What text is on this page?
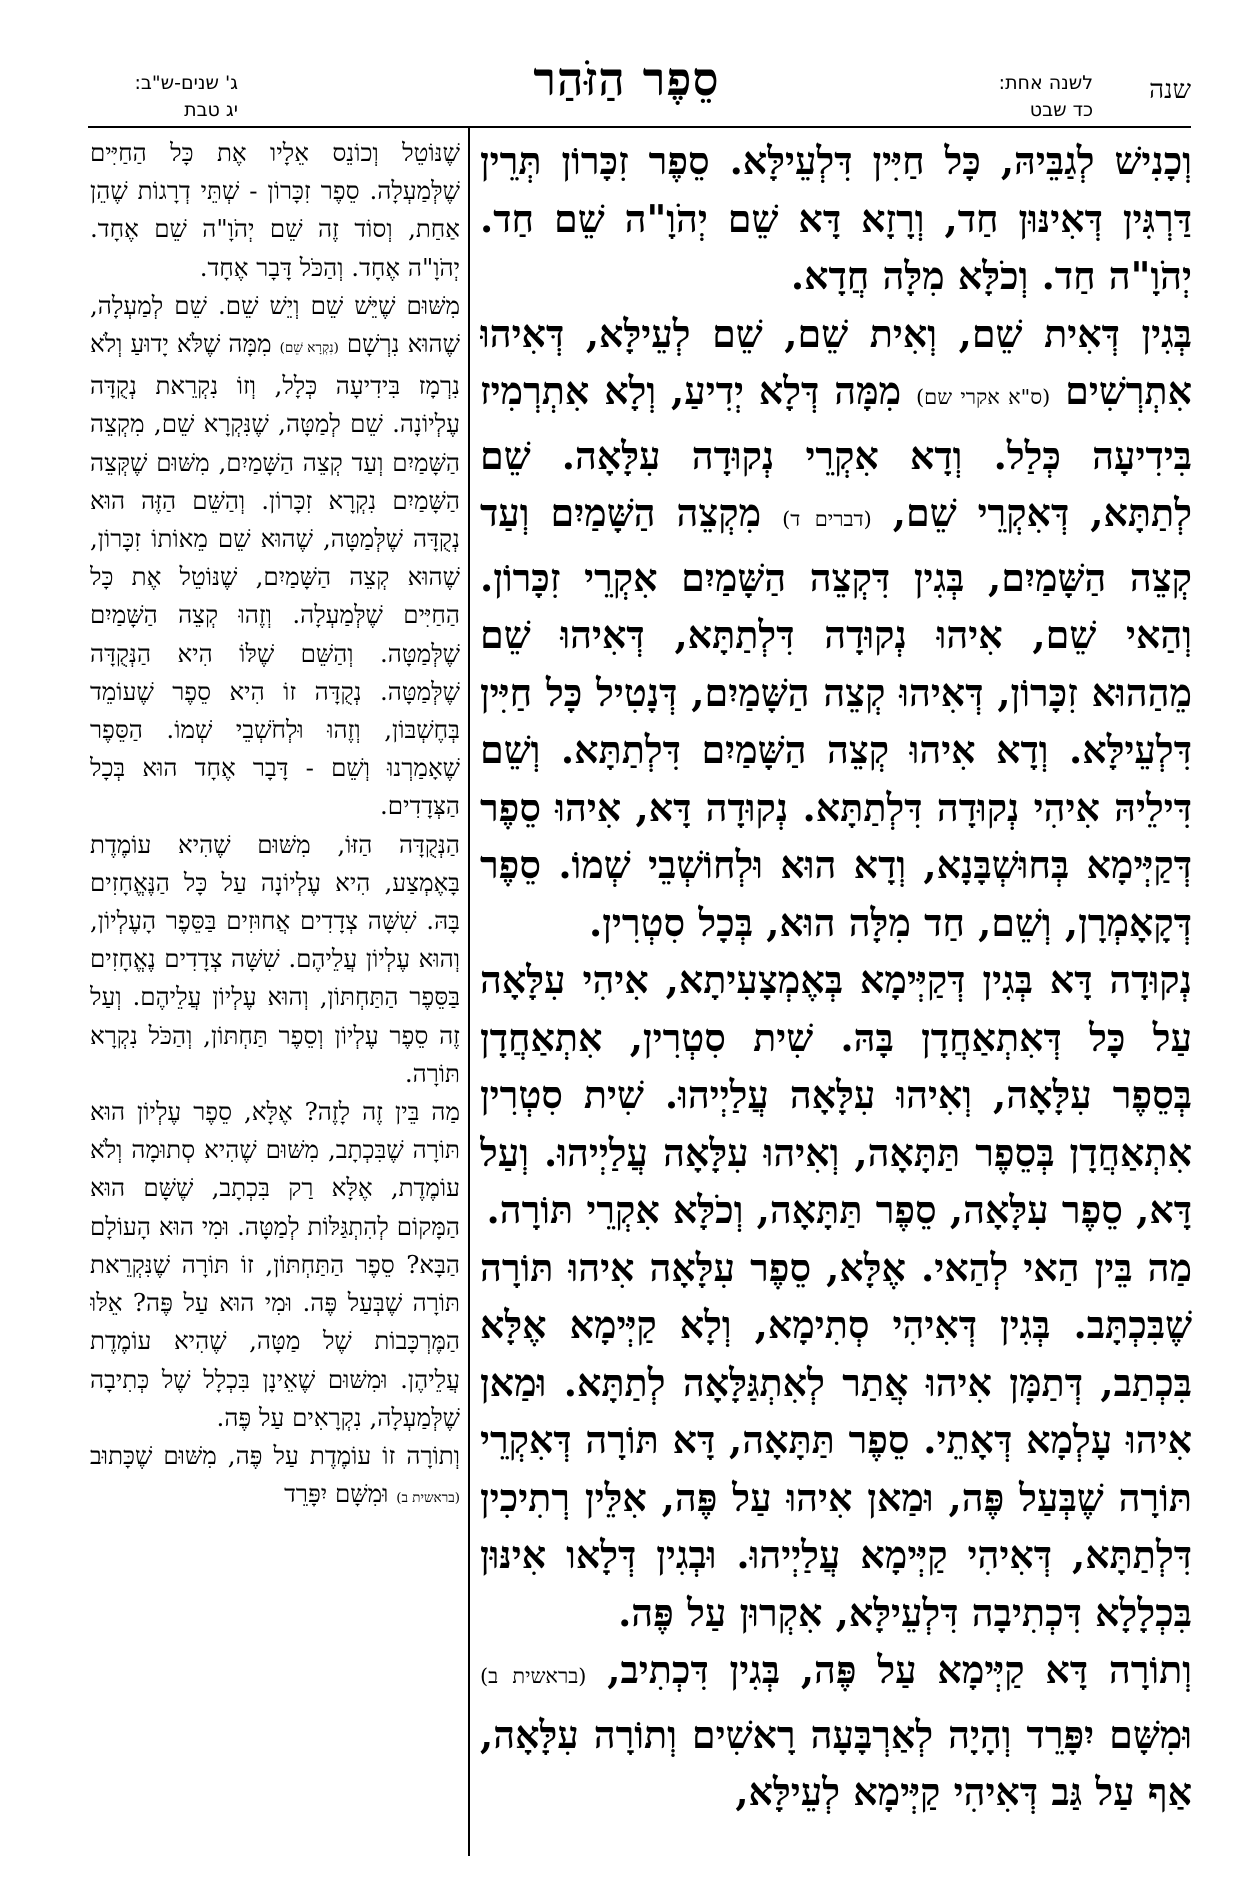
שנה
לשנה אחת:
כד שבט
סֵפֶר הַזֹּהַר
ג' שנים-ש"ב:
יג טבת

וְכָנִישׁ לְגַבֵּיהּ, כָּל חַיִּין דִּלְעֵילָּא. סֵפֶר זִכָּרוֹן תְּרֵין דַּרְגִּין דְּאִינּוּן חַד, וְרָזָא דָּא שֵׁם יְהֹוָ"ה שֵׁם חַד. יְהֹוָ"ה חַד. וְכֹלָּא מִלָּה חֲדָא.

בְּגִין דְּאִית שֵׁם, וְאִית שֵׁם, שֵׁם לְעֵילָּא, דְּאִיהוּ אִתְרְשִׁים (ס"א אקרי שם) מִמָּה דְּלָא יְדִיעַ, וְלָא אִתְרְמִיז בִּידִיעָה כְּלַל. וְדָא אִקְרֵי נְקוּדָה עִלָּאָה. שֵׁם לְתַתָּא, דְּאִקְרֵי שֵׁם, (דברים ד) מִקְצֵה הַשָּׁמַיִם וְעַד קְצֵה הַשָּׁמַיִם, בְּגִין דִּקְצֵה הַשָּׁמַיִם אִקְרֵי זִכָּרוֹן. וְהַאי שֵׁם, אִיהוּ נְקוּדָה דִּלְתַתָּא, דְּאִיהוּ שֵׁם מֵהַהוּא זִכָּרוֹן, דְּאִיהוּ קְצֵה הַשָּׁמַיִם, דְּנָטִיל כָּל חַיִּין דִּלְעֵילָּא. וְדָא אִיהוּ קְצֵה הַשָּׁמַיִם דִּלְתַתָּא. וְשֵׁם דִּילֵיהּ אִיהִי נְקוּדָה דִּלְתַתָּא. נְקוּדָה דָּא, אִיהוּ סֵפֶר דְּקַיְּימָא בְּחוּשְׁבָּנָא, וְדָא הוּא וּלְחוֹשְׁבֵי שְׁמוֹ. סֵפֶר דְּקָאָמְרָן, וְשֵׁם, חַד מִלָּה הוּא, בְּכָל סִטְרִין.

נְקוּדָה דָּא בְּגִין דְּקַיְּימָא בְּאֶמְצָעִיתָא, אִיהִי עִלָּאָה עַל כָּל דְּאִתְאַחֲדָן בָּהּ. שִׁית סִטְרִין, אִתְאַחֲדָן בְּסֵפֶר עִלָּאָה, וְאִיהוּ עִלָּאָה עֲלַיְיהוּ. שִׁית סִטְרִין אִתְאַחֲדָן בְּסֵפֶר תַּתָּאָה, וְאִיהוּ עִלָּאָה עֲלַיְיהוּ. וְעַל דָּא, סֵפֶר עִלָּאָה, סֵפֶר תַּתָּאָה, וְכֹלָּא אִקְרֵי תּוֹרָה.

מַה בֵּין הַאי לְהַאי. אֶלָּא, סֵפֶר עִלָּאָה אִיהוּ תּוֹרָה שֶׁבִּכְתָּב. בְּגִין דְּאִיהִי סְתִימָא, וְלָא קַיְּימָא אֶלָּא בִּכְתַב, דְּתַמָּן אִיהוּ אֲתַר לְאִתְגַּלָּאָה לְתַתָּא. וּמַאן אִיהוּ עָלְמָא דְּאָתֵי. סֵפֶר תַּתָּאָה, דָּא תּוֹרָה דְּאִקְרֵי תּוֹרָה שֶׁבְּעַל פֶּה, וּמַאן אִיהוּ עַל פֶּה, אִלֵּין רְתִיכִין דִּלְתַתָּא, דְּאִיהִי קַיְּימָא עֲלַיְיהוּ. וּבְגִין דְּלָאו אִינּוּן בִּכְלָלָא דִּכְתִיבָה דִּלְעֵילָּא, אִקְרוּן עַל פֶּה.

וְתוֹרָה דָּא קַיְּימָא עַל פֶּה, בְּגִין דִּכְתִיב, (בראשית ב) וּמִשָּׁם יִפָּרֵד וְהָיָה לְאַרְבָּעָה רָאשִׁים וְתוֹרָה עִלָּאָה, אַף עַל גַּב דְּאִיהִי קַיְּימָא לְעֵילָּא,

שֶׁנּוֹטֵל וְכוֹנֵס אֵלָיו אֶת כָּל הַחַיִּים שֶׁלְּמַעְלָה. סֵפֶר זִכָּרוֹן - שְׁתֵּי דְרָגוֹת שֶׁהֵן אַחַת, וְסוֹד זֶה שֵׁם יְהֹוָ"ה שֵׁם אֶחָד. יְהֹוָ"ה אֶחָד. וְהַכֹּל דָּבָר אֶחָד.

מִשּׁוּם שֶׁיֵּשׁ שֵׁם וְיֵשׁ שֵׁם. שֵׁם לְמַעְלָה, שֶׁהוּא נִרְשָׁם (נִקְרָא שֵׁם) מִמָּה שֶׁלֹּא יָדוּעַ וְלֹא נִרְמָז בִּידִיעָה כְּלָל, וְזוֹ נִקְרֵאת נְקֻדָּה עֶלְיוֹנָה. שֵׁם לְמַטָּה, שֶׁנִּקְרָא שֵׁם, מִקְצֵה הַשָּׁמַיִם וְעַד קְצֵה הַשָּׁמַיִם, מִשּׁוּם שֶׁקְּצֵה הַשָּׁמַיִם נִקְרָא זִכָּרוֹן. וְהַשֵּׁם הַזֶּה הוּא נְקֻדָּה שֶׁלְּמַטָּה, שֶׁהוּא שֵׁם מֵאוֹתוֹ זִכָּרוֹן, שֶׁהוּא קְצֵה הַשָּׁמַיִם, שֶׁנּוֹטֵל אֶת כָּל הַחַיִּים שֶׁלְּמַעְלָה. וְזֶהוּ קְצֵה הַשָּׁמַיִם שֶׁלְּמַטָּה. וְהַשֵּׁם שֶׁלּוֹ הִיא הַנְּקֻדָּה שֶׁלְּמַטָּה. נְקֻדָּה זוֹ הִיא סֵפֶר שֶׁעוֹמֵד בְּחֶשְׁבּוֹן, וְזֶהוּ וּלְחֹשְׁבֵי שְׁמוֹ. הַסֵּפֶר שֶׁאָמַרְנוּ וְשֵׁם - דָּבָר אֶחָד הוּא בְּכָל הַצְּדָדִים.

הַנְּקֻדָּה הַזּוֹ, מִשּׁוּם שֶׁהִיא עוֹמֶדֶת בָּאֶמְצַע, הִיא עֶלְיוֹנָה עַל כָּל הַנֶּאֱחָזִים בָּהּ. שִׁשָּׁה צְדָדִים אֲחוּזִים בַּסֵּפֶר הָעֶלְיוֹן, וְהוּא עֶלְיוֹן עֲלֵיהֶם. שִׁשָּׁה צְדָדִים נֶאֱחָזִים בַּסֵּפֶר הַתַּחְתּוֹן, וְהוּא עֶלְיוֹן עֲלֵיהֶם. וְעַל זֶה סֵפֶר עֶלְיוֹן וְסֵפֶר תַּחְתּוֹן, וְהַכֹּל נִקְרָא תּוֹרָה.

מַה בֵּין זֶה לָזֶה? אֶלָּא, סֵפֶר עֶלְיוֹן הוּא תּוֹרָה שֶׁבִּכְתָב, מִשּׁוּם שֶׁהִיא סְתוּמָה וְלֹא עוֹמֶדֶת, אֶלָּא רַק בִּכְתָב, שֶׁשָּׁם הוּא הַמָּקוֹם לְהִתְגַּלּוֹת לְמַטָּה. וּמִי הוּא הָעוֹלָם הַבָּא? סֵפֶר הַתַּחְתּוֹן, זוֹ תּוֹרָה שֶׁנִּקְרֵאת תּוֹרָה שֶׁבְּעַל פֶּה. וּמִי הוּא עַל פֶּה? אֵלּוּ הַמֶּרְכָּבוֹת שֶׁל מַטָּה, שֶׁהִיא עוֹמֶדֶת עֲלֵיהֶן. וּמִשּׁוּם שֶׁאֵינָן בִּכְלָל שֶׁל כְּתִיבָה שֶׁלְּמַעְלָה, נִקְרָאִים עַל פֶּה.

וְתוֹרָה זוֹ עוֹמֶדֶת עַל פֶּה, מִשּׁוּם שֶׁכָּתוּב (בראשית ב) וּמִשָּׁם יִפָּרֵד
